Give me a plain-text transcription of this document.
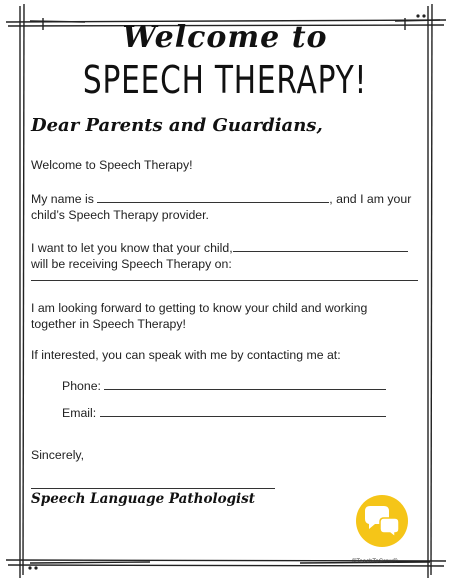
Welcome to
SPEECH THERAPY!
Dear Parents and Guardians,
Welcome to Speech Therapy!
My name is	, and I am your
child’s Speech Therapy provider.
I want to let you know that your child,
will be receiving Speech Therapy on:
I am looking forward to getting to know your child and working
together in Speech Therapy!
If interested, you can speak with me by contacting me at:
Phone:
Email:
Sincerely,
Speech Language Pathologist
©TeachToGrow®
